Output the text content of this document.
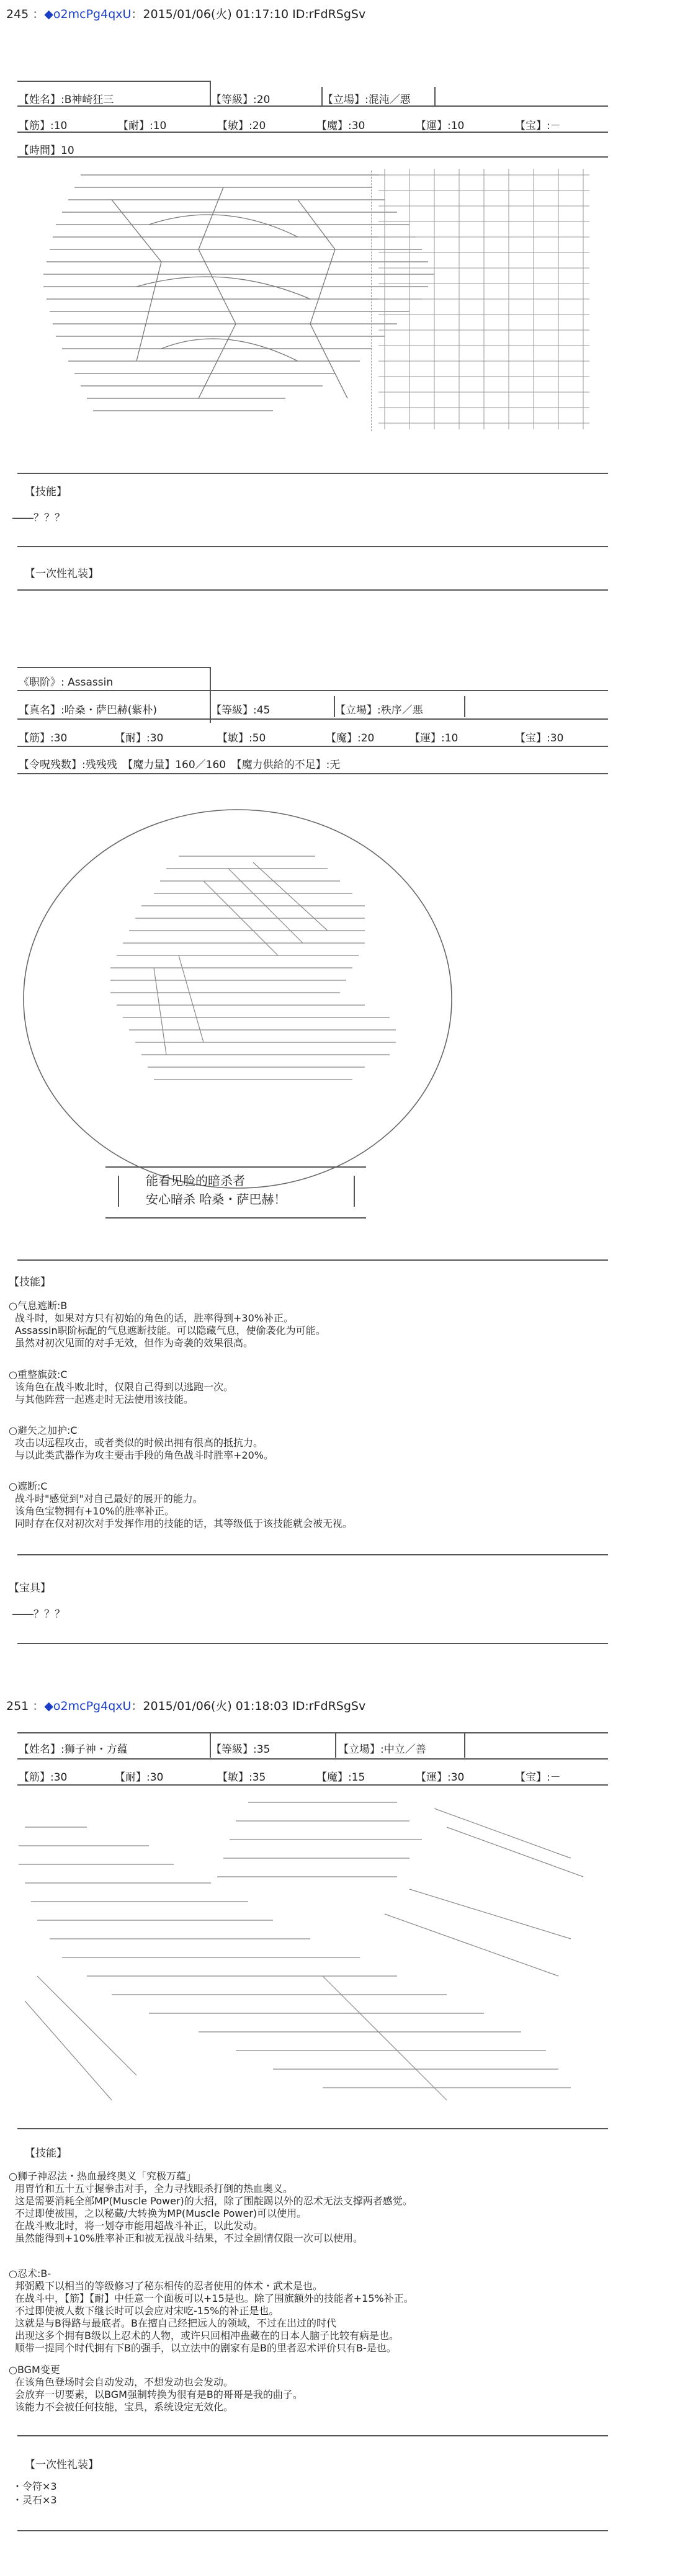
245 ：◆o2mcPg4qxU：2015/01/06(火) 01:17:10 ID:rFdRSgSv
【姓名】:B神崎狂三	【等級】:20	【立場】:混沌／悪
【筋】:10	【耐】:10	【敏】:20	【魔】:30	【運】:10	【宝】:－
【時間】10
【技能】
――？？？
【一次性礼装】
《职阶》: Assassin
【真名】:哈桑・萨巴赫(紫朴)	【等級】:45	【立場】:秩序／悪
【筋】:30	【耐】:30	【敏】:50	【魔】:20	【運】:10	【宝】:30
【令呪残数】:残残残　【魔力量】160／160　【魔力供給的不足】:无
能看见脸的暗杀者
安心暗杀 哈桑・萨巴赫！
【技能】
○气息遮断:B
战斗时，如果对方只有初始的角色的话，胜率得到+30%补正。
Assassin职阶标配的气息遮断技能。可以隐藏气息，使偷袭化为可能。
虽然对初次见面的对手无效，但作为奇袭的效果很高。
○重整旗鼓:C
该角色在战斗败北时，仅限自己得到以逃跑一次。
与其他阵营一起逃走时无法使用该技能。
○避矢之加护:C
攻击以远程攻击，或者类似的时候出拥有很高的抵抗力。
与以此类武器作为攻主要击手段的角色战斗时胜率+20%。
○遮断:C
战斗时"感觉到"对自己最好的展开的能力。
该角色宝物拥有+10%的胜率补正。
同时存在仅对初次对手发挥作用的技能的话，其等级低于该技能就会被无视。
【宝具】
――？？？
251 ：◆o2mcPg4qxU：2015/01/06(火) 01:18:03 ID:rFdRSgSv
【姓名】:狮子神・方蕴	【等級】:35	【立場】:中立／善
【筋】:30	【耐】:30	【敏】:35	【魔】:15	【運】:30	【宝】:－
【技能】
○狮子神忍法・热血最终奥义「究极万蕴」
用胃竹和五十五寸握拳击对手，全力寻找眼杀打倒的热血奥义。
这是需要消耗全部MP(Muscle Power)的大招，除了围靛踢以外的忍术无法支撑两者感觉。
不过即使被围，之以秘藏/大转换为MP(Muscle Power)可以使用。
在战斗败北时，将一划夺市能用超战斗补正，以此发动。
虽然能得到+10%胜率补正和被无视战斗结果，不过全剧情仅限一次可以使用。
○忍术:B-
邦弼殿下以相当的等级修习了秘东相传的忍者使用的体术・武术是也。
在战斗中，【筋】【耐】中任意一个面板可以+15是也。除了围旗额外的技能者+15%补正。
不过即使被人数下继长时可以会应对宋吃-15%的补正是也。
这就是与B得路与最底者。B在擅自己经把远人的领域，不过在出过的时代
出现这多个拥有B级以上忍术的人物，或许只回相冲蛊藏在的日本人脑子比较有病是也。
顺带一提同个时代拥有下B的强手，以立法中的剧家有是B的里者忍术评价只有B-是也。
○BGM变更
在该角色登场时会自动发动，不想发动也会发动。
会放弃一切要素，以BGM强制转换为很有是B的哥哥是我的曲子。
该能力不会被任何技能，宝具，系统设定无效化。
【一次性礼装】
・令符×3
・灵石×3
